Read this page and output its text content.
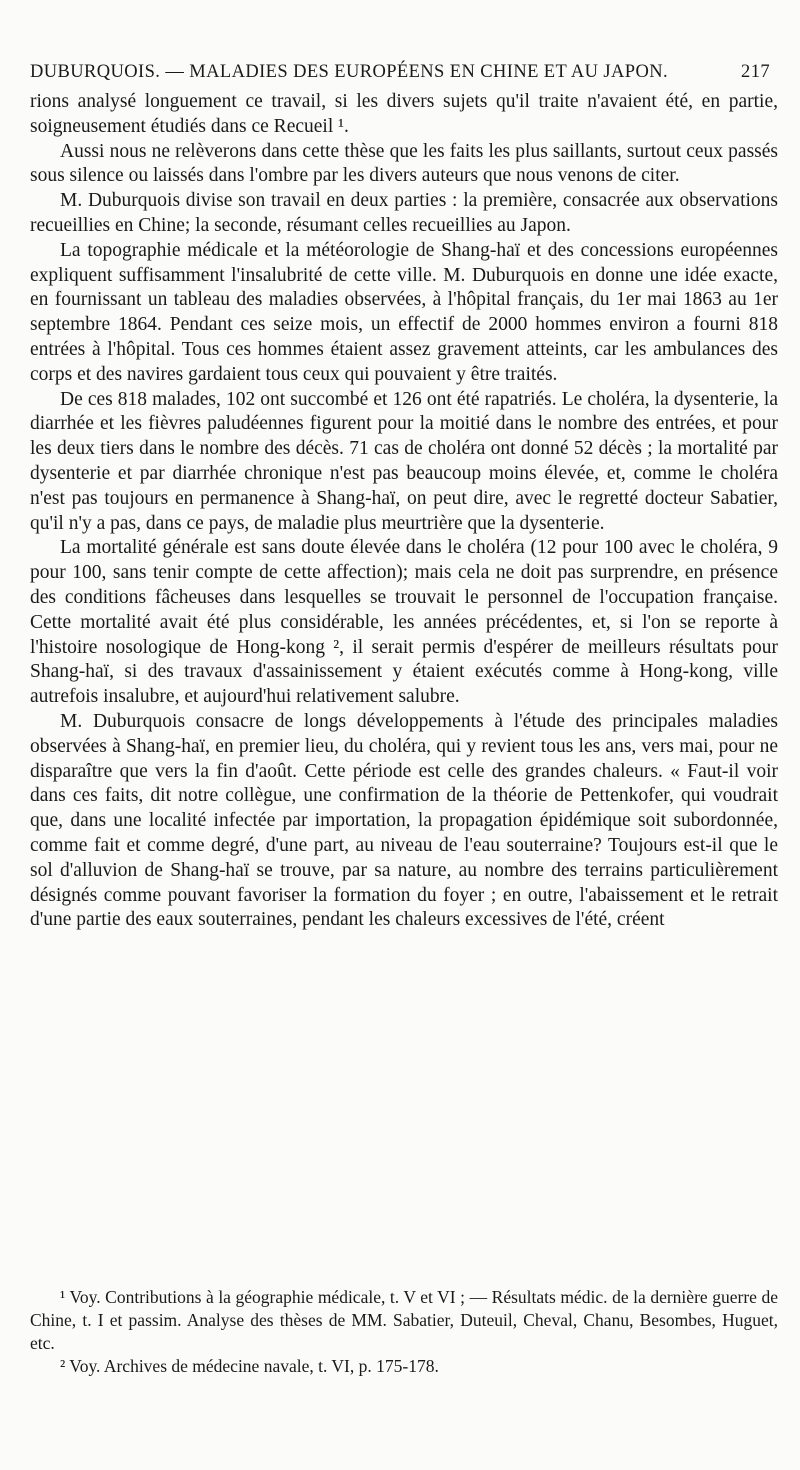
DUBURQUOIS. — MALADIES DES EUROPÉENS EN CHINE ET AU JAPON.	217

rions analysé longuement ce travail, si les divers sujets qu'il traite n'avaient été, en partie, soigneusement étudiés dans ce Recueil ¹.

Aussi nous ne relèverons dans cette thèse que les faits les plus saillants, surtout ceux passés sous silence ou laissés dans l'ombre par les divers auteurs que nous venons de citer.

M. Duburquois divise son travail en deux parties : la première, consacrée aux observations recueillies en Chine; la seconde, résumant celles recueillies au Japon.

La topographie médicale et la météorologie de Shang-haï et des concessions européennes expliquent suffisamment l'insalubrité de cette ville. M. Duburquois en donne une idée exacte, en fournissant un tableau des maladies observées, à l'hôpital français, du 1er mai 1863 au 1er septembre 1864. Pendant ces seize mois, un effectif de 2000 hommes environ a fourni 818 entrées à l'hôpital. Tous ces hommes étaient assez gravement atteints, car les ambulances des corps et des navires gardaient tous ceux qui pouvaient y être traités.

De ces 818 malades, 102 ont succombé et 126 ont été rapatriés. Le choléra, la dysenterie, la diarrhée et les fièvres paludéennes figurent pour la moitié dans le nombre des entrées, et pour les deux tiers dans le nombre des décès. 71 cas de choléra ont donné 52 décès ; la mortalité par dysenterie et par diarrhée chronique n'est pas beaucoup moins élevée, et, comme le choléra n'est pas toujours en permanence à Shang-haï, on peut dire, avec le regretté docteur Sabatier, qu'il n'y a pas, dans ce pays, de maladie plus meurtrière que la dysenterie.

La mortalité générale est sans doute élevée dans le choléra (12 pour 100 avec le choléra, 9 pour 100, sans tenir compte de cette affection); mais cela ne doit pas surprendre, en présence des conditions fâcheuses dans lesquelles se trouvait le personnel de l'occupation française. Cette mortalité avait été plus considérable, les années précédentes, et, si l'on se reporte à l'histoire nosologique de Hong-kong ², il serait permis d'espérer de meilleurs résultats pour Shang-haï, si des travaux d'assainissement y étaient exécutés comme à Hong-kong, ville autrefois insalubre, et aujourd'hui relativement salubre.

M. Duburquois consacre de longs développements à l'étude des principales maladies observées à Shang-haï, en premier lieu, du choléra, qui y revient tous les ans, vers mai, pour ne disparaître que vers la fin d'août. Cette période est celle des grandes chaleurs. « Faut-il voir dans ces faits, dit notre collègue, une confirmation de la théorie de Pettenkofer, qui voudrait que, dans une localité infectée par importation, la propagation épidémique soit subordonnée, comme fait et comme degré, d'une part, au niveau de l'eau souterraine? Toujours est-il que le sol d'alluvion de Shang-haï se trouve, par sa nature, au nombre des terrains particulièrement désignés comme pouvant favoriser la formation du foyer ; en outre, l'abaissement et le retrait d'une partie des eaux souterraines, pendant les chaleurs excessives de l'été, créent

¹ Voy. Contributions à la géographie médicale, t. V et VI ; — Résultats médic. de la dernière guerre de Chine, t. I et passim. Analyse des thèses de MM. Sabatier, Duteuil, Cheval, Chanu, Besombes, Huguet, etc.

² Voy. Archives de médecine navale, t. VI, p. 175-178.
